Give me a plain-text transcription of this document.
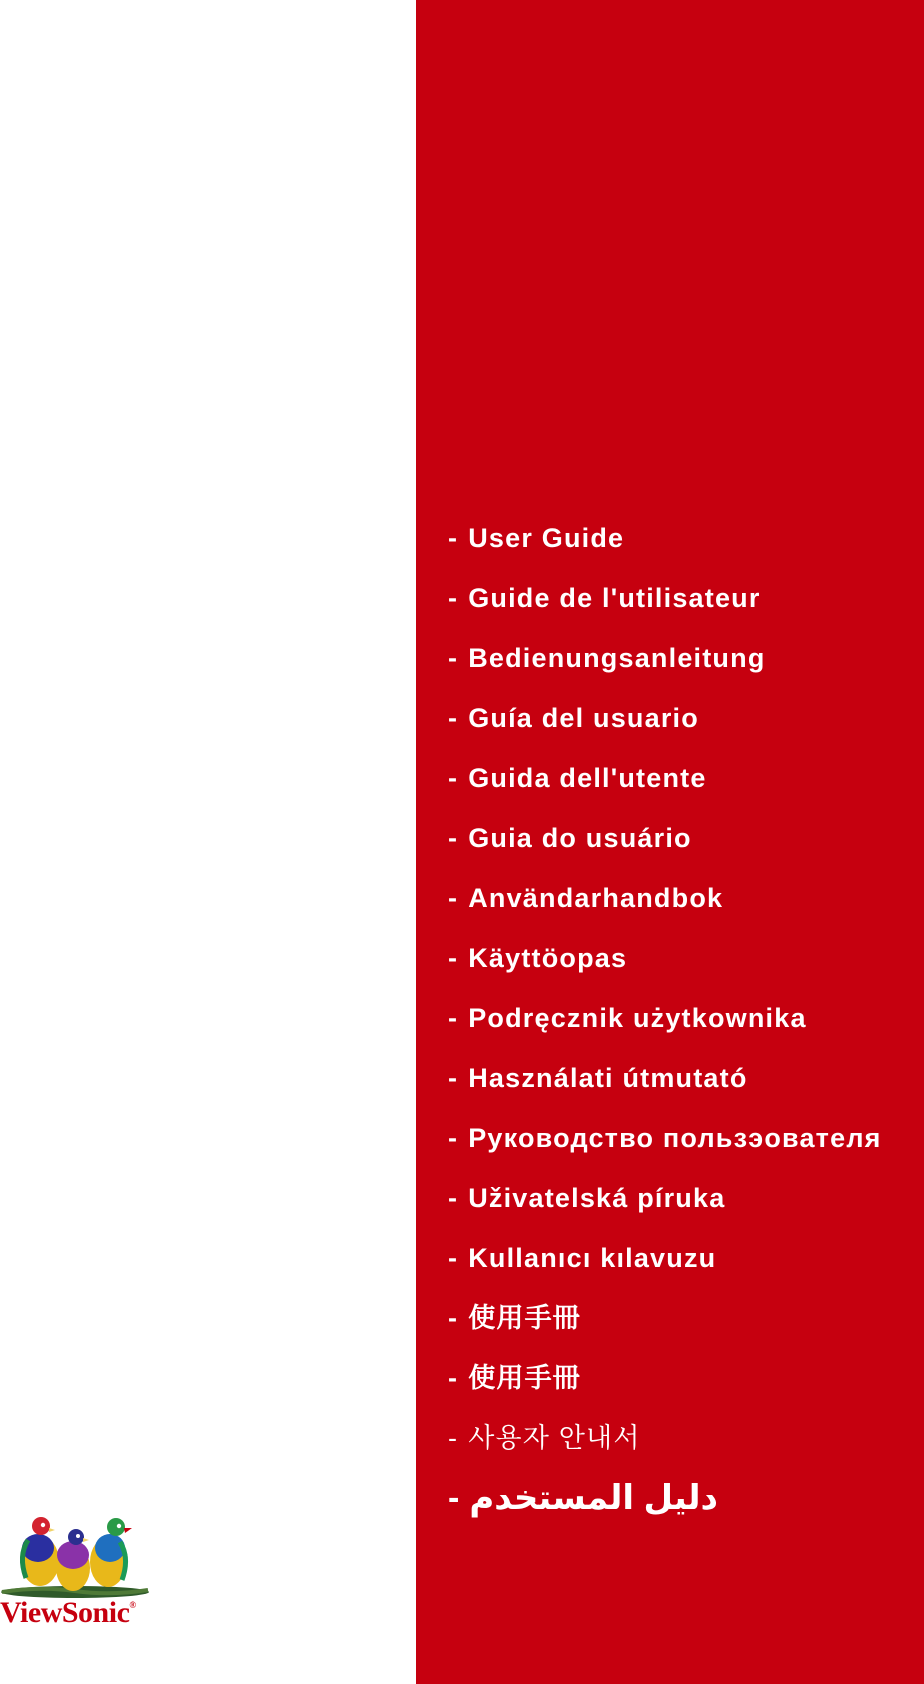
- User Guide
- Guide de l'utilisateur
- Bedienungsanleitung
- Guía del usuario
- Guida dell'utente
- Guia do usuário
- Användarhandbok
- Käyttöopas
- Podręcznik użytkownika
- Használati útmutató
- Руководство пользэователя
- Uživatelská píruka
- Kullanıcı kılavuzu
- 使用手冊
- 使用手冊
- 사용자 안내서
- دليل المستخدم
ViewSonic®
